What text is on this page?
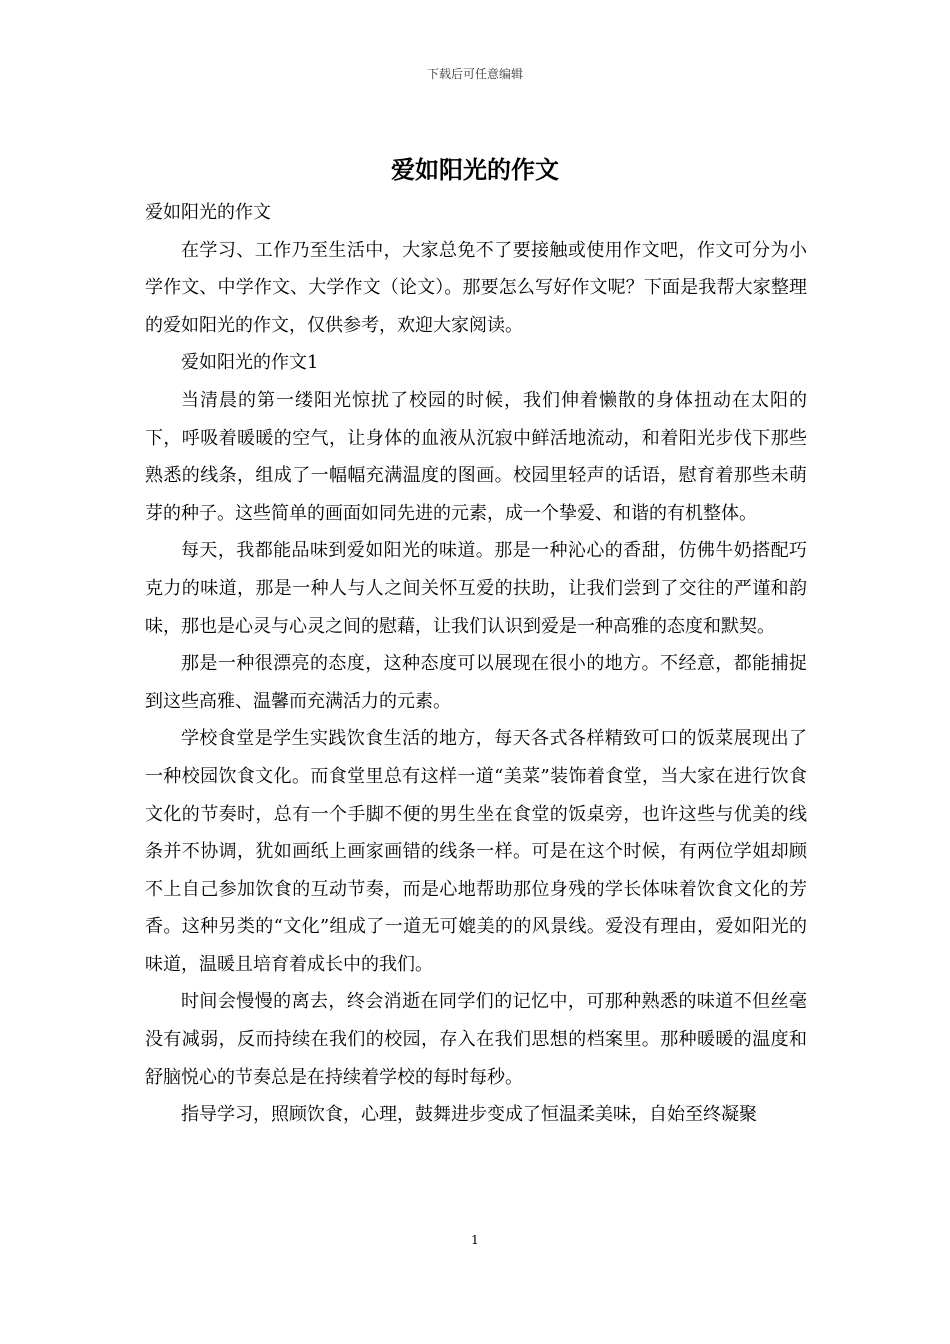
下载后可任意编辑
爱如阳光的作文

爱如阳光的作文

在学习、工作乃至生活中，大家总免不了要接触或使用作文吧，作文可分为小学作文、中学作文、大学作文（论文）。那要怎么写好作文呢？下面是我帮大家整理的爱如阳光的作文，仅供参考，欢迎大家阅读。

爱如阳光的作文1

当清晨的第一缕阳光惊扰了校园的时候，我们伸着懒散的身体扭动在太阳的下，呼吸着暖暖的空气，让身体的血液从沉寂中鲜活地流动，和着阳光步伐下那些熟悉的线条，组成了一幅幅充满温度的图画。校园里轻声的话语，慰育着那些未萌芽的种子。这些简单的画面如同先进的元素，成一个挚爱、和谐的有机整体。

每天，我都能品味到爱如阳光的味道。那是一种沁心的香甜，仿佛牛奶搭配巧克力的味道，那是一种人与人之间关怀互爱的扶助，让我们尝到了交往的严谨和韵味，那也是心灵与心灵之间的慰藉，让我们认识到爱是一种高雅的态度和默契。

那是一种很漂亮的态度，这种态度可以展现在很小的地方。不经意，都能捕捉到这些高雅、温馨而充满活力的元素。

学校食堂是学生实践饮食生活的地方，每天各式各样精致可口的饭菜展现出了一种校园饮食文化。而食堂里总有这样一道“美菜”装饰着食堂，当大家在进行饮食文化的节奏时，总有一个手脚不便的男生坐在食堂的饭桌旁，也许这些与优美的线条并不协调，犹如画纸上画家画错的线条一样。可是在这个时候，有两位学姐却顾不上自己参加饮食的互动节奏，而是心地帮助那位身残的学长体味着饮食文化的芳香。这种另类的“文化”组成了一道无可媲美的的风景线。爱没有理由，爱如阳光的味道，温暖且培育着成长中的我们。

时间会慢慢的离去，终会消逝在同学们的记忆中，可那种熟悉的味道不但丝毫没有减弱，反而持续在我们的校园，存入在我们思想的档案里。那种暖暖的温度和舒脑悦心的节奏总是在持续着学校的每时每秒。

指导学习，照顾饮食，心理，鼓舞进步变成了恒温柔美味，自始至终凝聚

1
